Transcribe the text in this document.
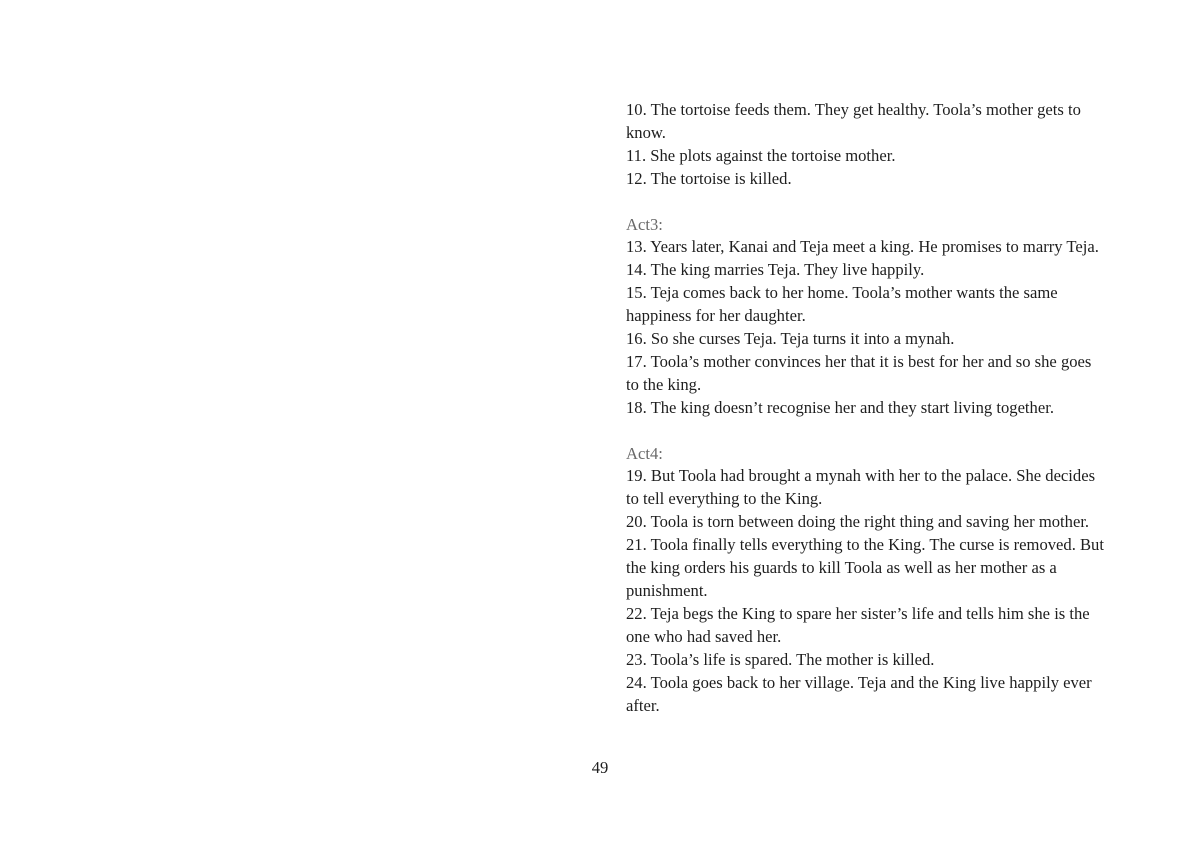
10. The tortoise feeds them. They get healthy. Toola’s mother gets to know.
11. She plots against the tortoise mother.
12. The tortoise is killed.
Act3:
13. Years later, Kanai and Teja meet a king. He promises to marry Teja.
14. The king marries Teja. They live happily.
15. Teja comes back to her home. Toola’s mother wants the same happiness for her daughter.
16. So she curses Teja. Teja turns it into a mynah.
17. Toola’s mother convinces her that it is best for her and so she goes to the king.
18. The king doesn’t recognise her and they start living together.
Act4:
19. But Toola had brought a mynah with her to the palace. She decides to tell everything to the King.
20. Toola is torn between doing the right thing and saving her mother.
21. Toola finally tells everything to the King. The curse is removed. But the king orders his guards to kill Toola as well as her mother as a punishment.
22. Teja begs the King to spare her sister’s life and tells him she is the one who had saved her.
23. Toola’s life is spared. The mother is killed.
24. Toola goes back to her village. Teja and the King live happily ever after.
49
